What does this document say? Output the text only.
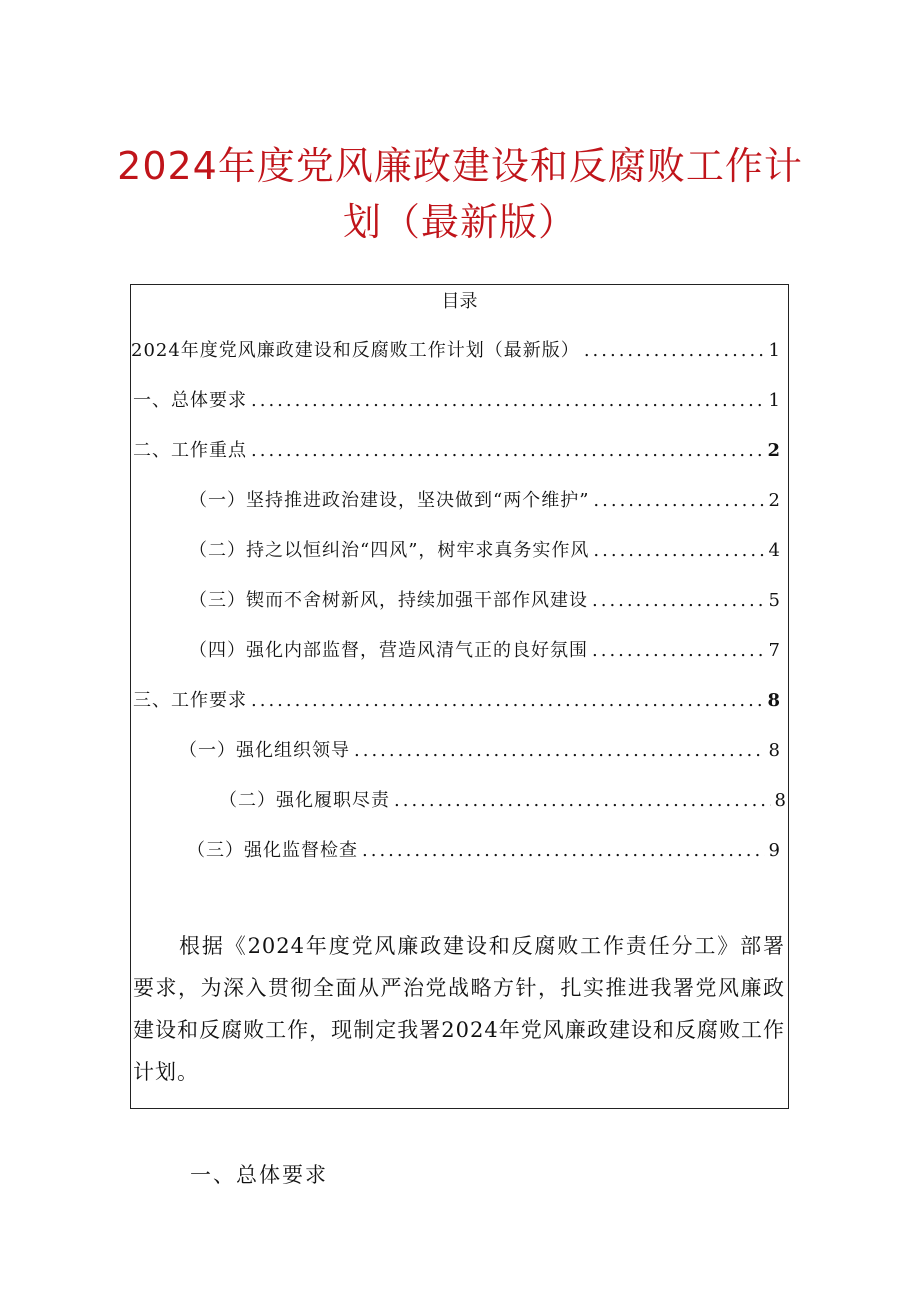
2024年度党风廉政建设和反腐败工作计划（最新版）
目录
2024年度党风廉政建设和反腐败工作计划（最新版） .....	1
一、总体要求 .....	1
二、工作重点 .....	2
（一）坚持推进政治建设，坚决做到“两个维护” .....	2
（二）持之以恒纠治“四风”，树牢求真务实作风 .....	4
（三）锲而不舍树新风，持续加强干部作风建设 .....	5
（四）强化内部监督，营造风清气正的良好氛围 .....	7
三、工作要求 .....	8
（一）强化组织领导 .....	8
（二）强化履职尽责 .....	8
（三）强化监督检查 .....	9
根据《2024年度党风廉政建设和反腐败工作责任分工》部署要求，为深入贯彻全面从严治党战略方针，扎实推进我署党风廉政建设和反腐败工作，现制定我署2024年党风廉政建设和反腐败工作计划。
一、总体要求
